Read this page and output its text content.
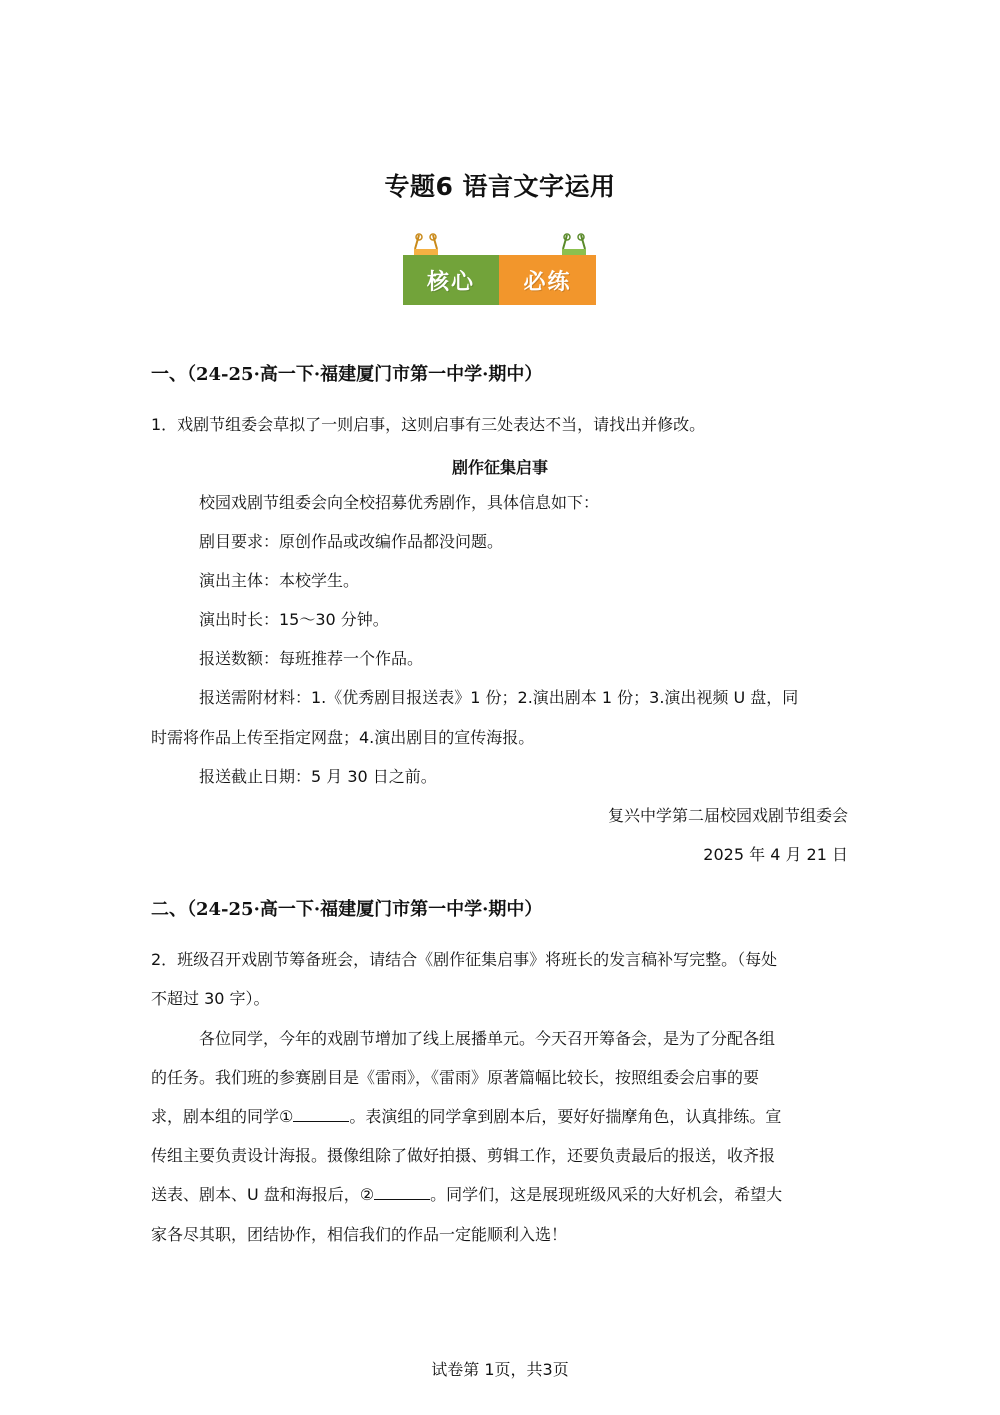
专题6 语言文字运用
核心	必练
一、（24-25·高一下·福建厦门市第一中学·期中）
1．戏剧节组委会草拟了一则启事，这则启事有三处表达不当，请找出并修改。
剧作征集启事
校园戏剧节组委会向全校招募优秀剧作，具体信息如下：
剧目要求：原创作品或改编作品都没问题。
演出主体：本校学生。
演出时长：15～30 分钟。
报送数额：每班推荐一个作品。
报送需附材料：1.《优秀剧目报送表》1 份；2.演出剧本 1 份；3.演出视频 U 盘，同
时需将作品上传至指定网盘；4.演出剧目的宣传海报。
报送截止日期：5 月 30 日之前。
复兴中学第二届校园戏剧节组委会
2025 年 4 月 21 日
二、（24-25·高一下·福建厦门市第一中学·期中）
2．班级召开戏剧节筹备班会，请结合《剧作征集启事》将班长的发言稿补写完整。（每处
不超过 30 字）。
各位同学，今年的戏剧节增加了线上展播单元。今天召开筹备会，是为了分配各组
的任务。我们班的参赛剧目是《雷雨》，《雷雨》原著篇幅比较长，按照组委会启事的要
求，剧本组的同学①	。表演组的同学拿到剧本后，要好好揣摩角色，认真排练。宣
传组主要负责设计海报。摄像组除了做好拍摄、剪辑工作，还要负责最后的报送，收齐报
送表、剧本、U 盘和海报后，②	。同学们，这是展现班级风采的大好机会，希望大
家各尽其职，团结协作，相信我们的作品一定能顺利入选！
试卷第 1页，共3页
